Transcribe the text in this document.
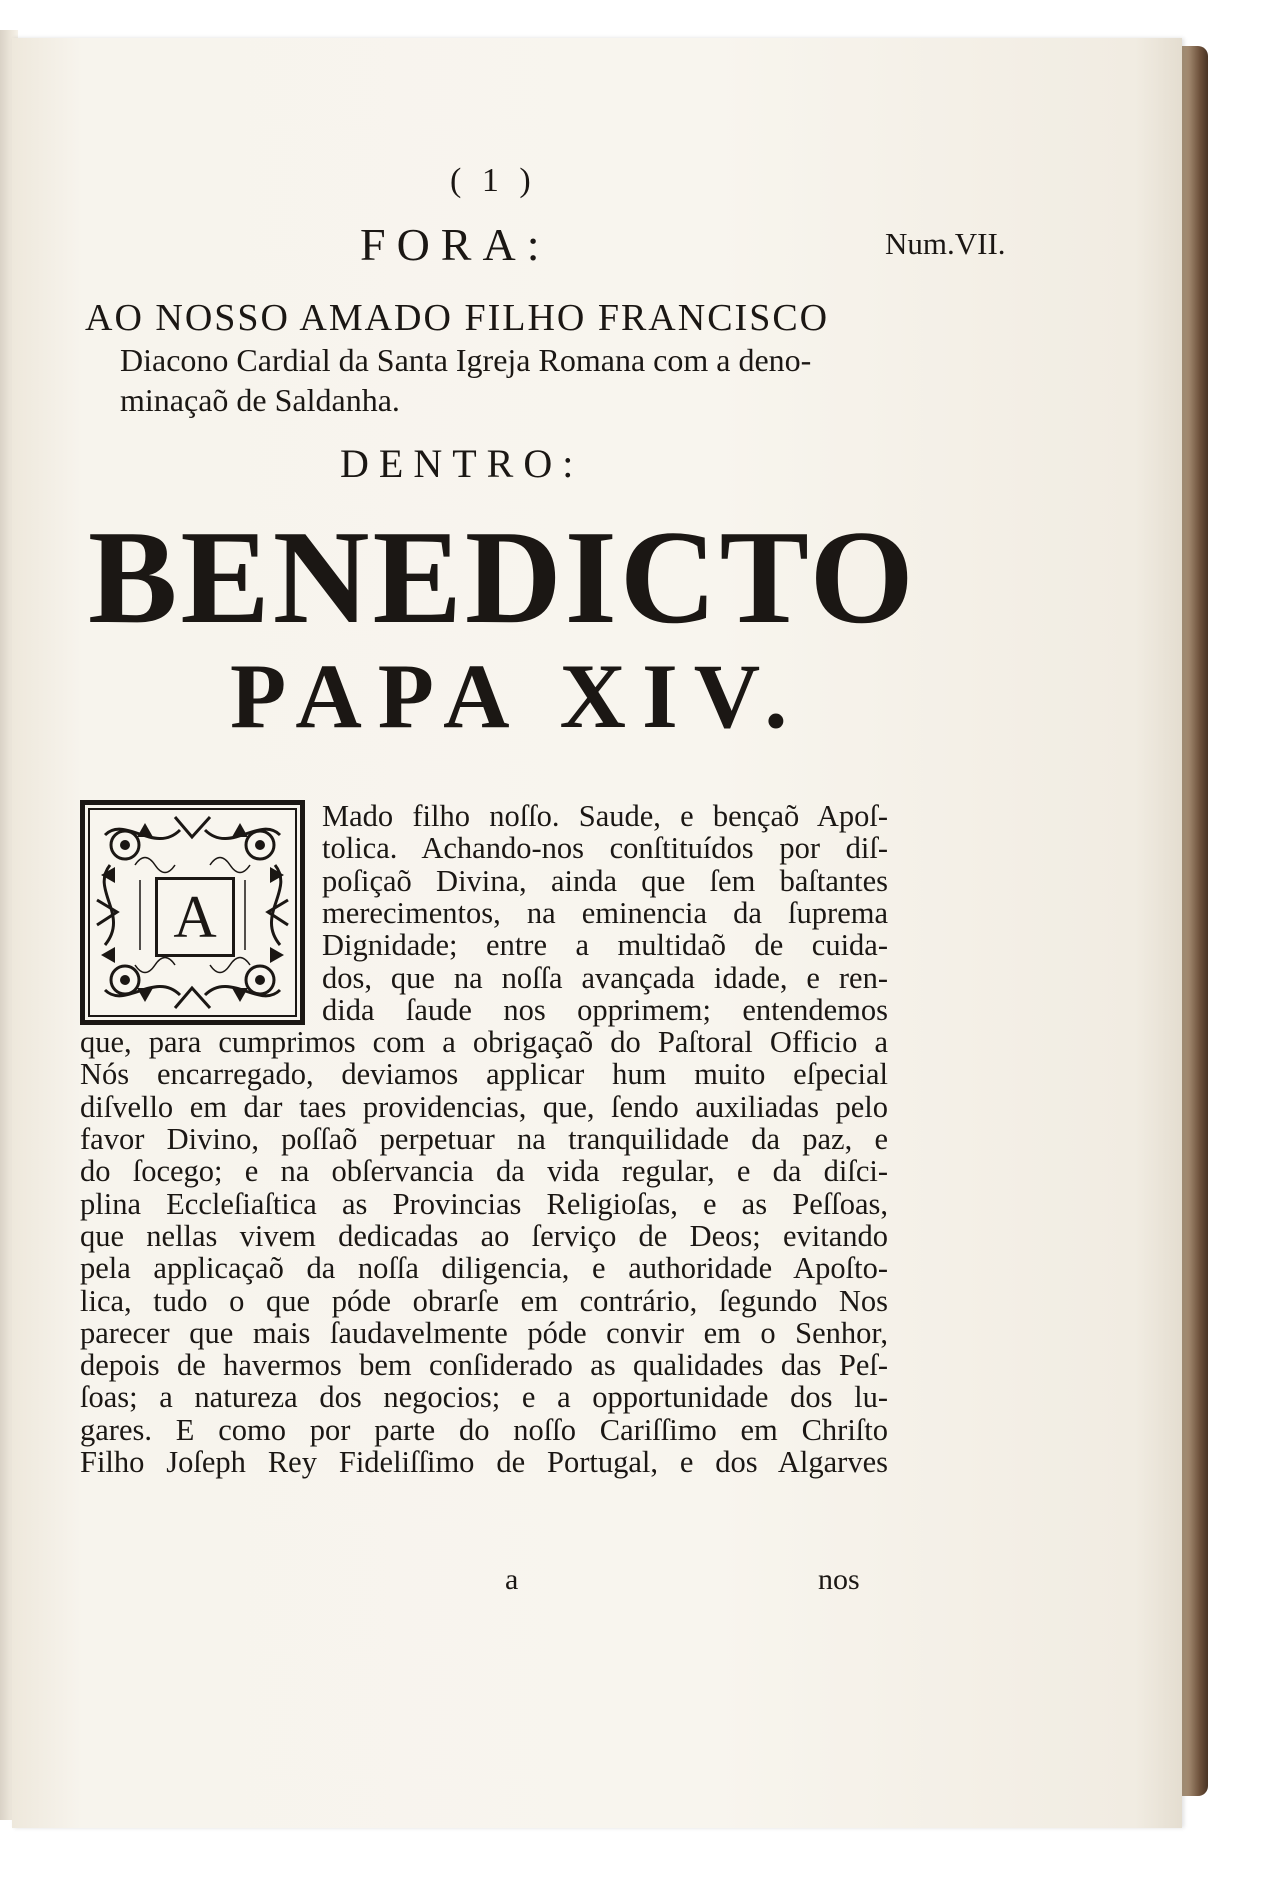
( 1 )
FORA:	Num.VII.
AO NOSSO AMADO FILHO FRANCISCO
Diacono Cardial da Santa Igreja Romana com a deno-
minaçaõ de Saldanha.
DENTRO:
BENEDICTO
PAPA XIV.
A
Mado filho noſſo. Saude, e bençaõ Apoſ-
tolica. Achando-nos conſtituídos por diſ-
poſiçaõ Divina, ainda que ſem baſtantes
merecimentos, na eminencia da ſuprema
Dignidade; entre a multidaõ de cuida-
dos, que na noſſa avançada idade, e ren-
dida ſaude nos opprimem; entendemos
que, para cumprimos com a obrigaçaõ do Paſtoral Officio a
Nós encarregado, deviamos applicar hum muito eſpecial
diſvello em dar taes providencias, que, ſendo auxiliadas pelo
favor Divino, poſſaõ perpetuar na tranquilidade da paz, e
do ſocego; e na obſervancia da vida regular, e da diſci-
plina Eccleſiaſtica as Provincias Religioſas, e as Peſſoas,
que nellas vivem dedicadas ao ſerviço de Deos; evitando
pela applicaçaõ da noſſa diligencia, e authoridade Apoſto-
lica, tudo o que póde obrarſe em contrário, ſegundo Nos
parecer que mais ſaudavelmente póde convir em o Senhor,
depois de havermos bem conſiderado as qualidades das Peſ-
ſoas; a natureza dos negocios; e a opportunidade dos lu-
gares. E como por parte do noſſo Cariſſimo em Chriſto
Filho Joſeph Rey Fideliſſimo de Portugal, e dos Algarves
a	nos
